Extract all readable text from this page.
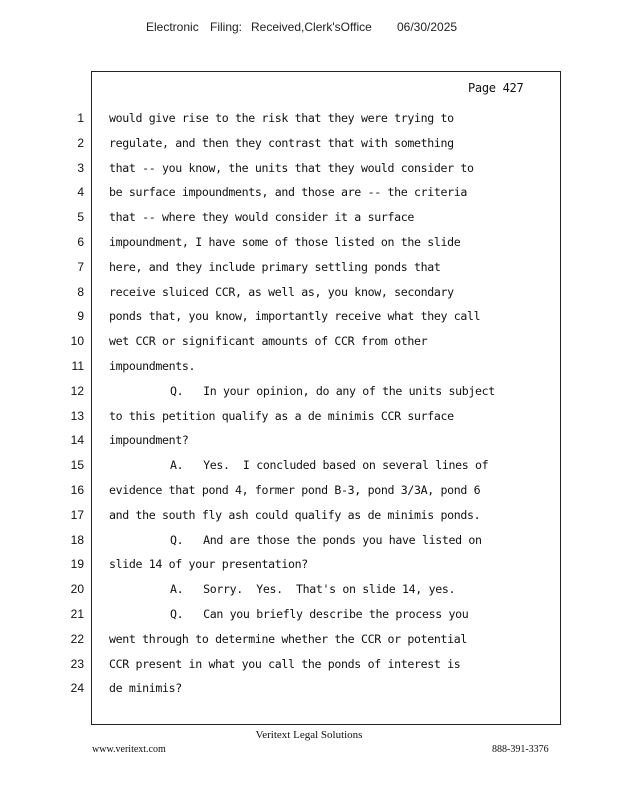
Electronic Filing: Received,Clerk'sOffice 06/30/2025
Page 427
1 would give rise to the risk that they were trying to
2 regulate, and then they contrast that with something
3 that -- you know, the units that they would consider to
4 be surface impoundments, and those are -- the criteria
5 that -- where they would consider it a surface
6 impoundment, I have some of those listed on the slide
7 here, and they include primary settling ponds that
8 receive sluiced CCR, as well as, you know, secondary
9 ponds that, you know, importantly receive what they call
10 wet CCR or significant amounts of CCR from other
11 impoundments.
12	Q.   In your opinion, do any of the units subject
13 to this petition qualify as a de minimis CCR surface
14 impoundment?
15	A.   Yes.  I concluded based on several lines of
16 evidence that pond 4, former pond B-3, pond 3/3A, pond 6
17 and the south fly ash could qualify as de minimis ponds.
18	Q.   And are those the ponds you have listed on
19 slide 14 of your presentation?
20	A.   Sorry.  Yes.  That's on slide 14, yes.
21	Q.   Can you briefly describe the process you
22 went through to determine whether the CCR or potential
23 CCR present in what you call the ponds of interest is
24 de minimis?
Veritext Legal Solutions
www.veritext.com	888-391-3376
